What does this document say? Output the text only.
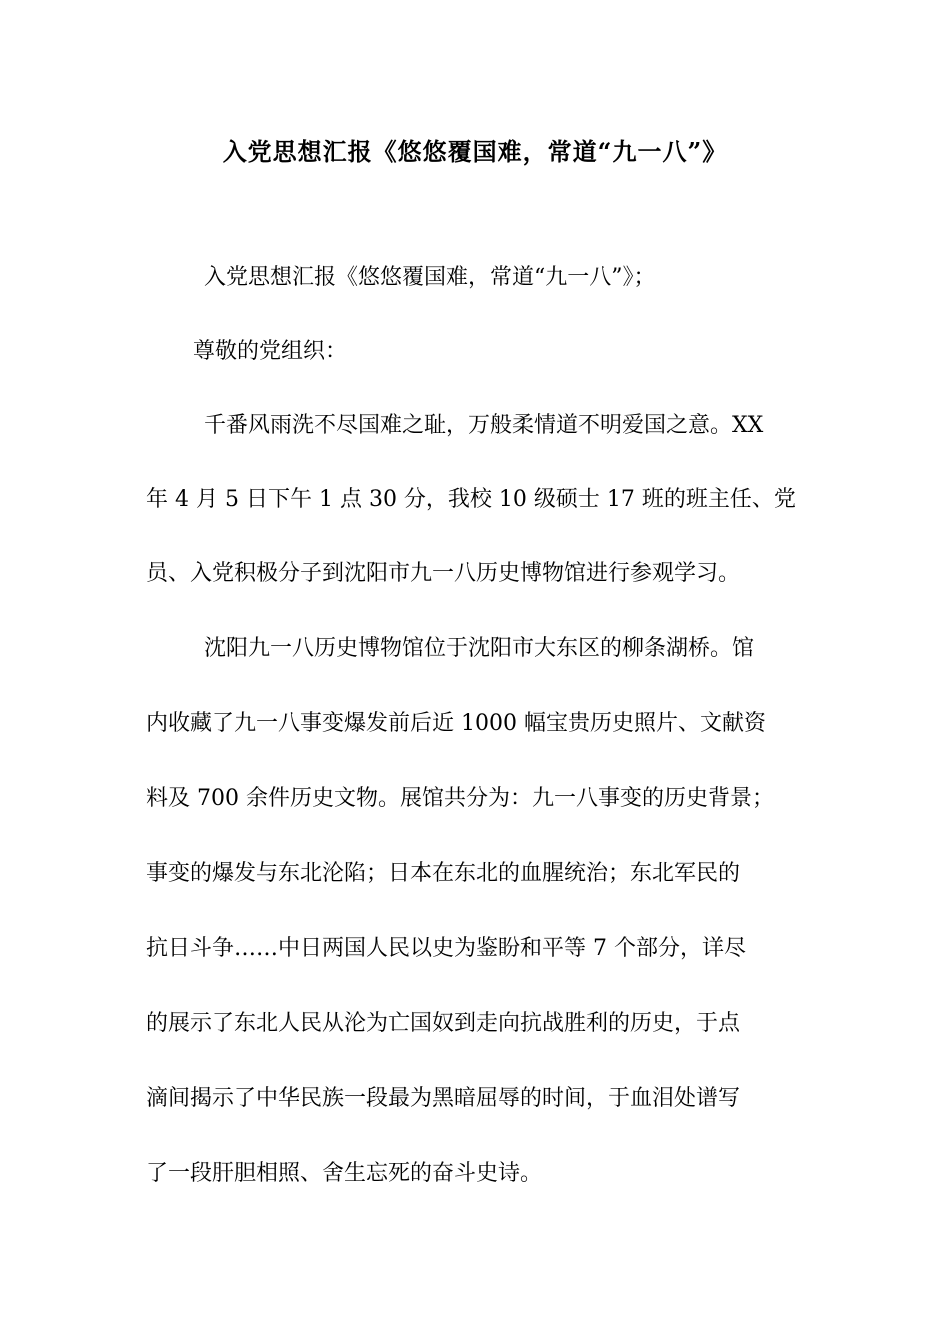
入党思想汇报《悠悠覆国难，常道“九一八”》
入党思想汇报《悠悠覆国难，常道“九一八”》；
尊敬的党组织：
千番风雨洗不尽国难之耻，万般柔情道不明爱国之意。XX
年 4 月 5 日下午 1 点 30 分，我校 10 级硕士 17 班的班主任、党
员、入党积极分子到沈阳市九一八历史博物馆进行参观学习。
沈阳九一八历史博物馆位于沈阳市大东区的柳条湖桥。馆
内收藏了九一八事变爆发前后近 1000 幅宝贵历史照片、文献资
料及 700 余件历史文物。展馆共分为：九一八事变的历史背景；
事变的爆发与东北沦陷；日本在东北的血腥统治；东北军民的
抗日斗争……中日两国人民以史为鉴盼和平等 7 个部分，详尽
的展示了东北人民从沦为亡国奴到走向抗战胜利的历史，于点
滴间揭示了中华民族一段最为黑暗屈辱的时间，于血泪处谱写
了一段肝胆相照、舍生忘死的奋斗史诗。
